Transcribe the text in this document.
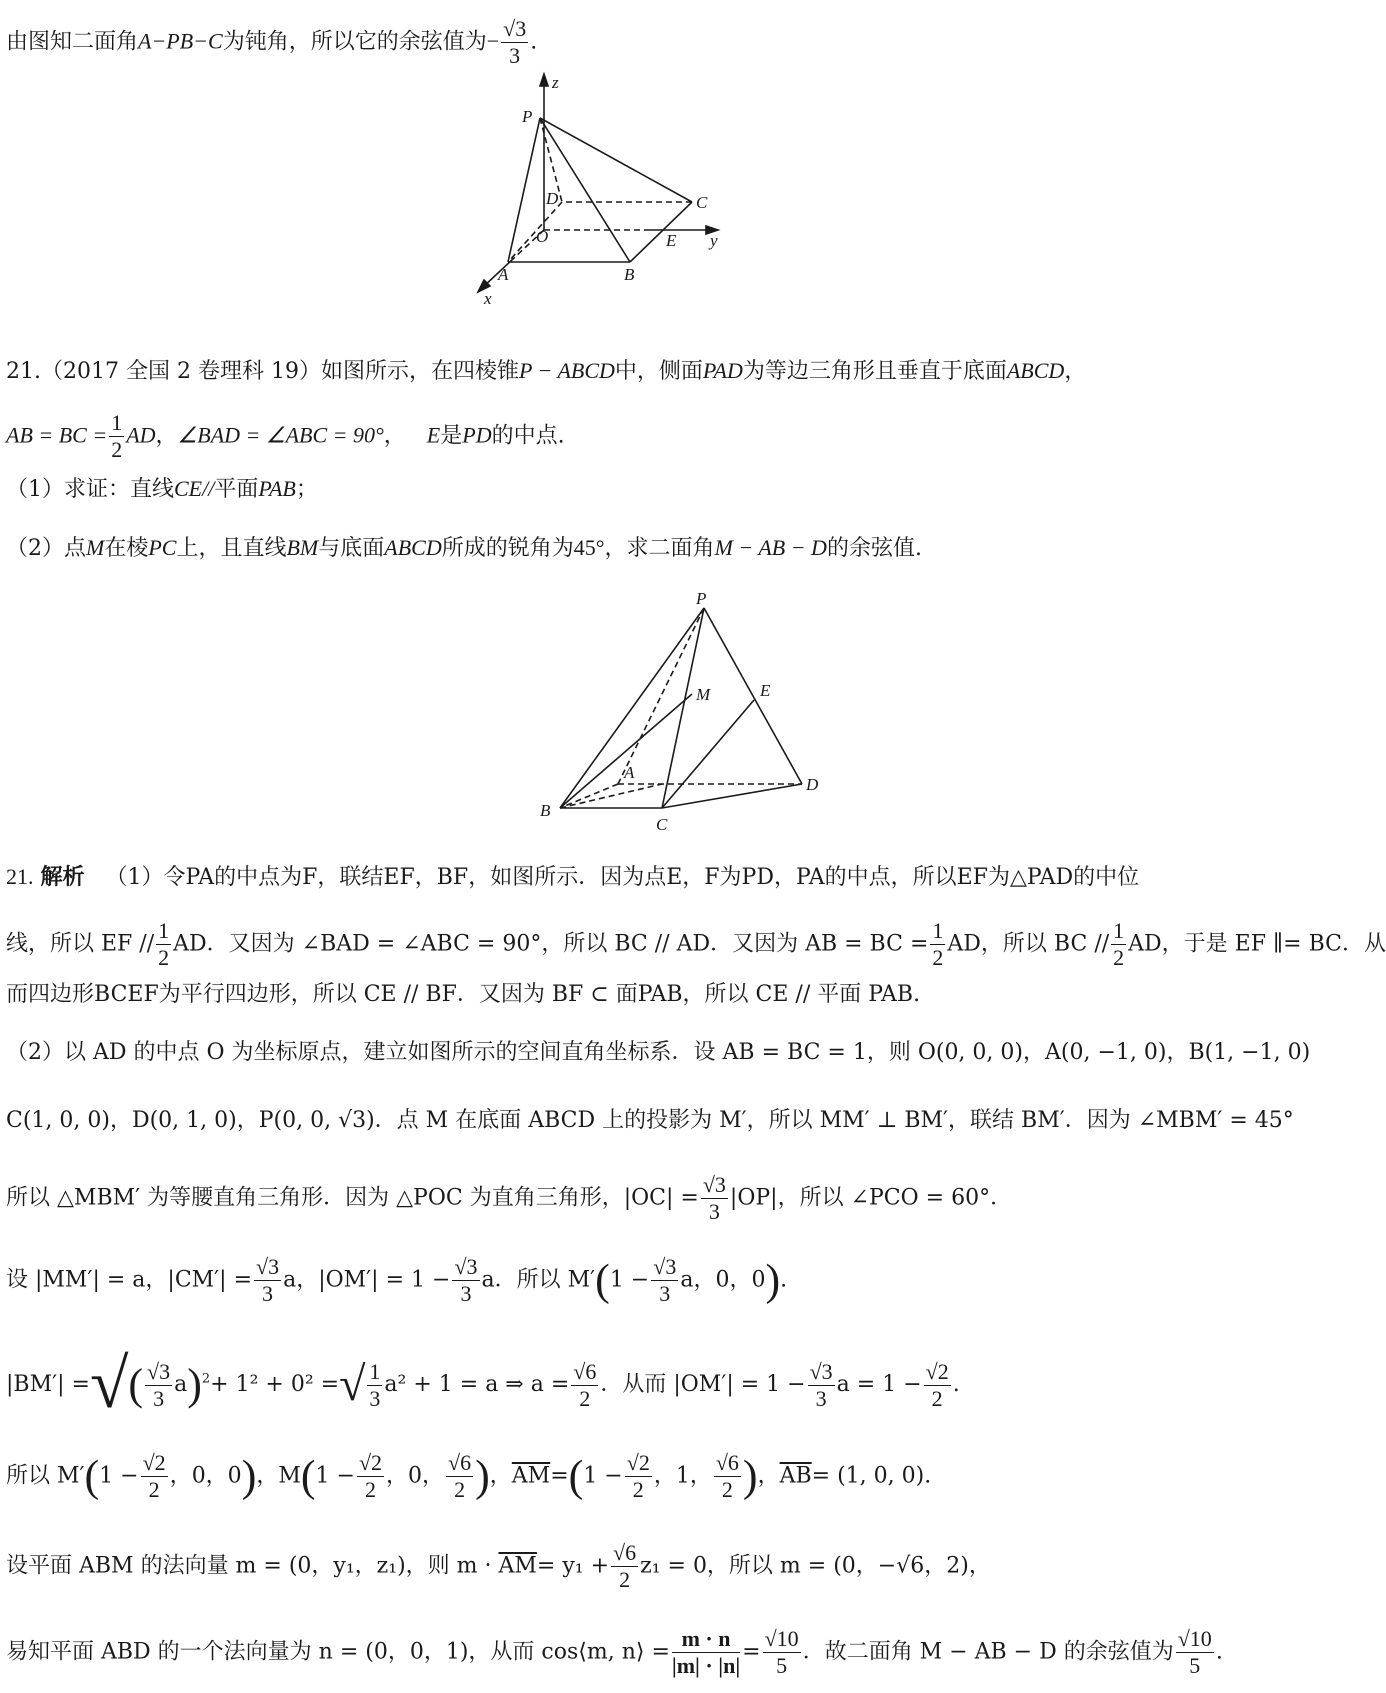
由图知二面角A−PB−C为钝角，所以它的余弦值为− $\frac{√3}{3}$ .
z
P
D	C
O	E y
A	B
x
21.（2017 全国 2 卷理科 19）如图所示，在四棱锥P − ABCD中，侧面PAD为等边三角形且垂直于底面ABCD，
AB = BC = $\frac{1}{2}$ AD，∠BAD = ∠ABC = 90°， E是PD的中点.
（1）求证：直线CE//平面PAB；
（2）点M在棱PC上，且直线BM与底面ABCD所成的锐角为45°，求二面角M − AB − D的余弦值.
P
M	E
A
B
C
D
21. 解析 （1）令PA的中点为F，联结EF，BF，如图所示．因为点E，F为PD，PA的中点，所以EF为△PAD的中位
线，所以 EF // $\frac{1}{2}$ AD．又因为 ∠BAD = ∠ABC = 90°，所以 BC // AD．又因为 AB = BC = $\frac{1}{2}$ AD，所以 BC // $\frac{1}{2}$ AD，于是 EF ∥= BC．从
而四边形BCEF为平行四边形，所以 CE // BF．又因为 BF ⊂ 面PAB，所以 CE // 平面 PAB.
（2）以 AD 的中点 O 为坐标原点，建立如图所示的空间直角坐标系．设 AB = BC = 1，则 O(0, 0, 0)，A(0, −1, 0)，B(1, −1, 0)
C(1, 0, 0)，D(0, 1, 0)，P(0, 0, √3)．点 M 在底面 ABCD 上的投影为 M′，所以 MM′ ⊥ BM′，联结 BM′．因为 ∠MBM′ = 45°
所以 △MBM′ 为等腰直角三角形．因为 △POC 为直角三角形，$|OC| = \frac{√3}{3} |OP|$，所以 ∠PCO = 60°．
设 |MM′| = a，$|CM'| = \frac{√3}{3}$ a，$|OM'| = 1 - \frac{√3}{3}$ a．所以 $M'(1 - \frac{√3}{3}$ a，0，0).
|BM′| =√( $\frac{√3}{3} a)^2+ 1^2 + 0^2$ =√ $\frac{1}{3} a^2 + 1 = a$ ⇒ $a = \frac{√6}{2}$ ．从而 $|OM'| = 1 - \frac{√3}{3}$ $a = 1 - \frac{√2}{2}$ .
所以 $M'(1 - \frac{√2}{2}$ ，0，0)，$M(1 - \frac{√2}{2}$ ，0， $\frac{√6}{2}$ )，$\overline{AM}=(1 - \frac{√2}{2}$ ，1， $\frac{√6}{2}$ )，$\overline{AB}= (1$, 0, 0).
设平面 ABM 的法向量 m = (0，y₁，z₁)，则 $m \cdot \overline{AM}= y_1 + \frac{√6}{2} z_1 = 0$，所以 m = (0，−√6，2)，
易知平面 ABD 的一个法向量为 n = (0，0，1)，从而 cos⟨m, n⟩ = $\frac{m \cdot n}{|m| \cdot |n|} = \frac{√10}{5}$ ．故二面角 M − AB − D 的余弦值为 $\frac{√10}{5}$ .
